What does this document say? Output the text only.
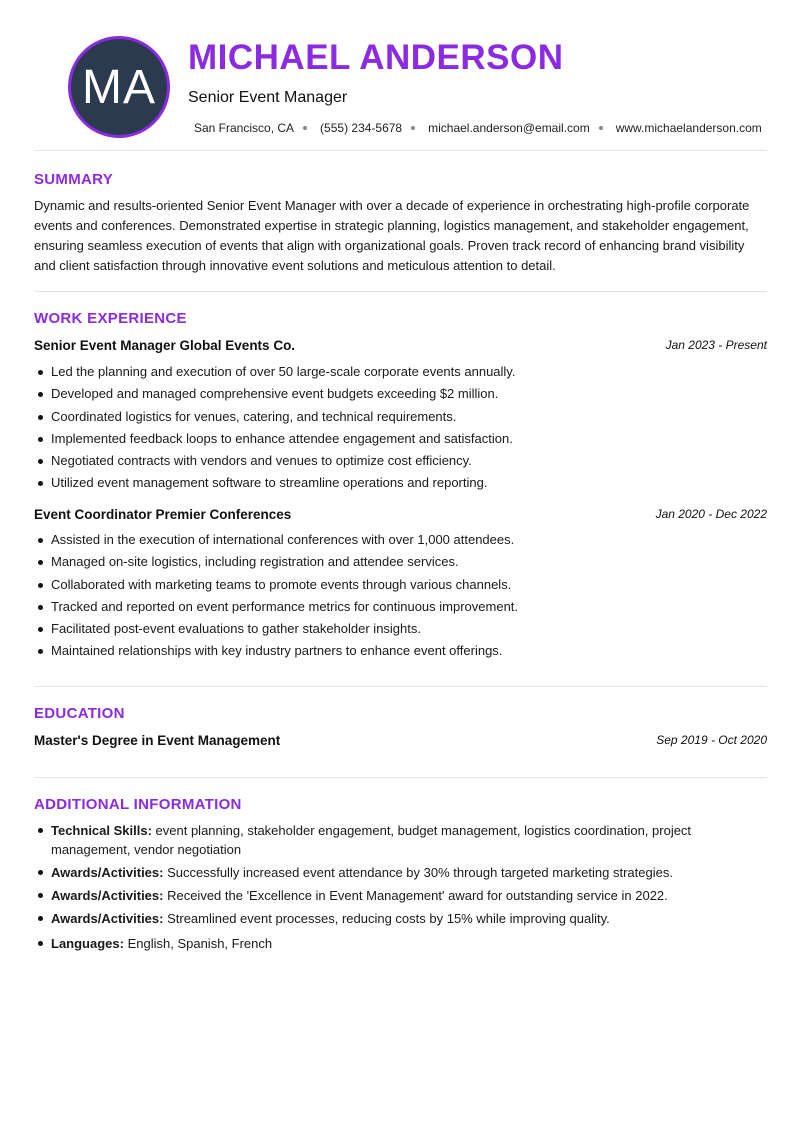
MA
MICHAEL ANDERSON
Senior Event Manager
San Francisco, CA (555) 234-5678 michael.anderson@email.com www.michaelanderson.com
SUMMARY
Dynamic and results-oriented Senior Event Manager with over a decade of experience in orchestrating high-profile corporate events and conferences. Demonstrated expertise in strategic planning, logistics management, and stakeholder engagement, ensuring seamless execution of events that align with organizational goals. Proven track record of enhancing brand visibility and client satisfaction through innovative event solutions and meticulous attention to detail.
WORK EXPERIENCE
Senior Event Manager Global Events Co.	Jan 2023 - Present
Led the planning and execution of over 50 large-scale corporate events annually.
Developed and managed comprehensive event budgets exceeding $2 million.
Coordinated logistics for venues, catering, and technical requirements.
Implemented feedback loops to enhance attendee engagement and satisfaction.
Negotiated contracts with vendors and venues to optimize cost efficiency.
Utilized event management software to streamline operations and reporting.
Event Coordinator Premier Conferences	Jan 2020 - Dec 2022
Assisted in the execution of international conferences with over 1,000 attendees.
Managed on-site logistics, including registration and attendee services.
Collaborated with marketing teams to promote events through various channels.
Tracked and reported on event performance metrics for continuous improvement.
Facilitated post-event evaluations to gather stakeholder insights.
Maintained relationships with key industry partners to enhance event offerings.
EDUCATION
Master's Degree in Event Management	Sep 2019 - Oct 2020
ADDITIONAL INFORMATION
Technical Skills: event planning, stakeholder engagement, budget management, logistics coordination, project management, vendor negotiation
Awards/Activities: Successfully increased event attendance by 30% through targeted marketing strategies.
Awards/Activities: Received the 'Excellence in Event Management' award for outstanding service in 2022.
Awards/Activities: Streamlined event processes, reducing costs by 15% while improving quality.
Languages: English, Spanish, French
